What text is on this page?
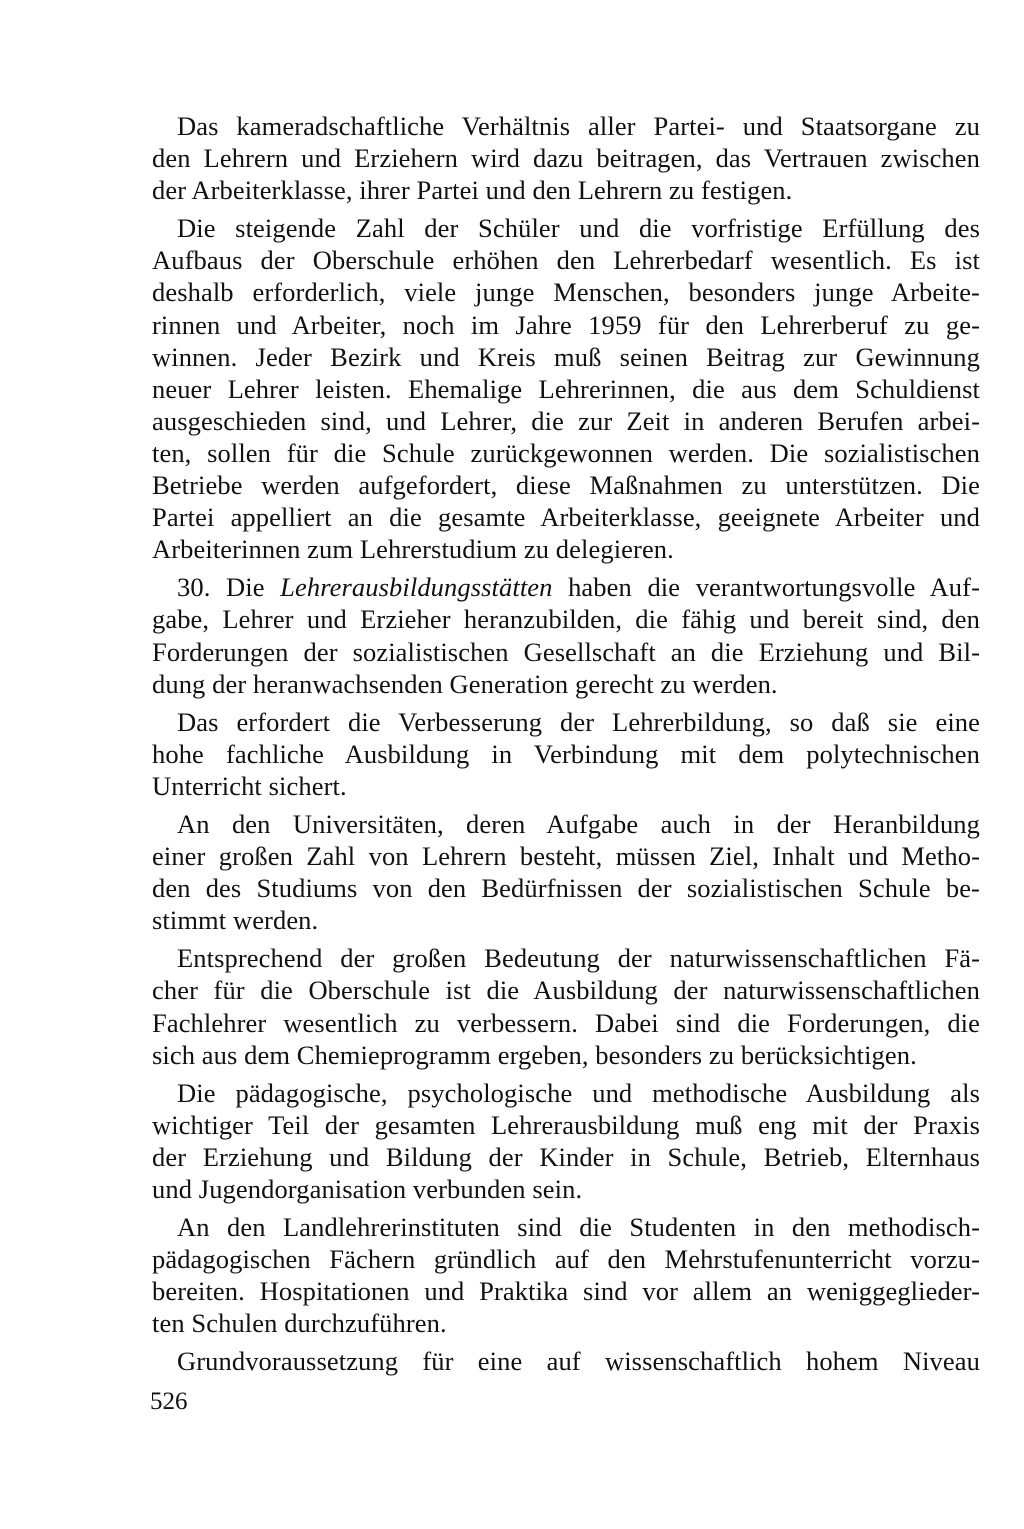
Das kameradschaftliche Verhältnis aller Partei- und Staatsorgane zu
den Lehrern und Erziehern wird dazu beitragen, das Vertrauen zwischen
der Arbeiterklasse, ihrer Partei und den Lehrern zu festigen.
Die steigende Zahl der Schüler und die vorfristige Erfüllung des
Aufbaus der Oberschule erhöhen den Lehrerbedarf wesentlich. Es ist
deshalb erforderlich, viele junge Menschen, besonders junge Arbeite-
rinnen und Arbeiter, noch im Jahre 1959 für den Lehrerberuf zu ge-
winnen. Jeder Bezirk und Kreis muß seinen Beitrag zur Gewinnung
neuer Lehrer leisten. Ehemalige Lehrerinnen, die aus dem Schuldienst
ausgeschieden sind, und Lehrer, die zur Zeit in anderen Berufen arbei-
ten, sollen für die Schule zurückgewonnen werden. Die sozialistischen
Betriebe werden aufgefordert, diese Maßnahmen zu unterstützen. Die
Partei appelliert an die gesamte Arbeiterklasse, geeignete Arbeiter und
Arbeiterinnen zum Lehrerstudium zu delegieren.
30. Die Lehrerausbildungsstätten haben die verantwortungsvolle Auf-
gabe, Lehrer und Erzieher heranzubilden, die fähig und bereit sind, den
Forderungen der sozialistischen Gesellschaft an die Erziehung und Bil-
dung der heranwachsenden Generation gerecht zu werden.
Das erfordert die Verbesserung der Lehrerbildung, so daß sie eine
hohe fachliche Ausbildung in Verbindung mit dem polytechnischen
Unterricht sichert.
An den Universitäten, deren Aufgabe auch in der Heranbildung
einer großen Zahl von Lehrern besteht, müssen Ziel, Inhalt und Metho-
den des Studiums von den Bedürfnissen der sozialistischen Schule be-
stimmt werden.
Entsprechend der großen Bedeutung der naturwissenschaftlichen Fä-
cher für die Oberschule ist die Ausbildung der naturwissenschaftlichen
Fachlehrer wesentlich zu verbessern. Dabei sind die Forderungen, die
sich aus dem Chemieprogramm ergeben, besonders zu berücksichtigen.
Die pädagogische, psychologische und methodische Ausbildung als
wichtiger Teil der gesamten Lehrerausbildung muß eng mit der Praxis
der Erziehung und Bildung der Kinder in Schule, Betrieb, Elternhaus
und Jugendorganisation verbunden sein.
An den Landlehrerinstituten sind die Studenten in den methodisch-
pädagogischen Fächern gründlich auf den Mehrstufenunterricht vorzu-
bereiten. Hospitationen und Praktika sind vor allem an weniggeglieder-
ten Schulen durchzuführen.
Grundvoraussetzung für eine auf wissenschaftlich hohem Niveau
526
